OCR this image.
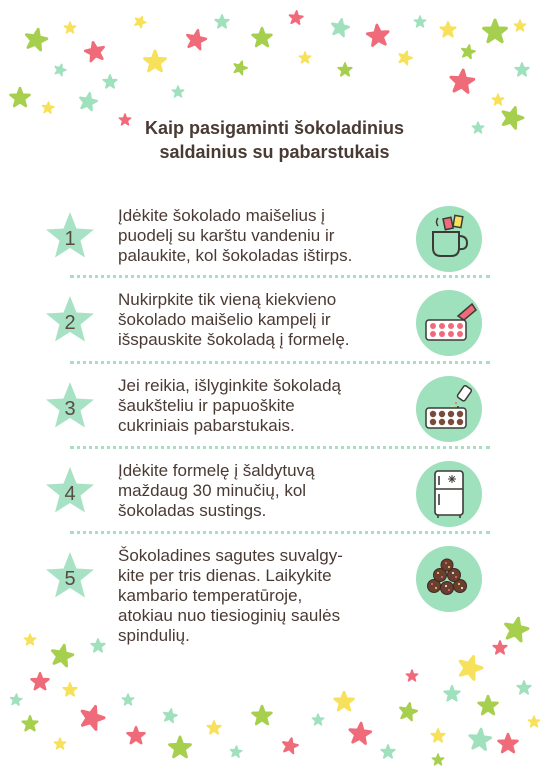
Kaip pasigaminti šokoladinius
saldainius su pabarstukais
1
Įdėkite šokolado maišelius į
puodelį su karštu vandeniu ir
palaukite, kol šokoladas ištirps.
2
Nukirpkite tik vieną kiekvieno
šokolado maišelio kampelį ir
išspauskite šokoladą į formelę.
3
Jei reikia, išlyginkite šokoladą
šaukšteliu ir papuoškite
cukriniais pabarstukais.
4
Įdėkite formelę į šaldytuvą
maždaug 30 minučių, kol
šokoladas sustings.
5
Šokoladines sagutes suvalgy-
kite per tris dienas. Laikykite
kambario temperatūroje,
atokiau nuo tiesioginių saulės
spindulių.
